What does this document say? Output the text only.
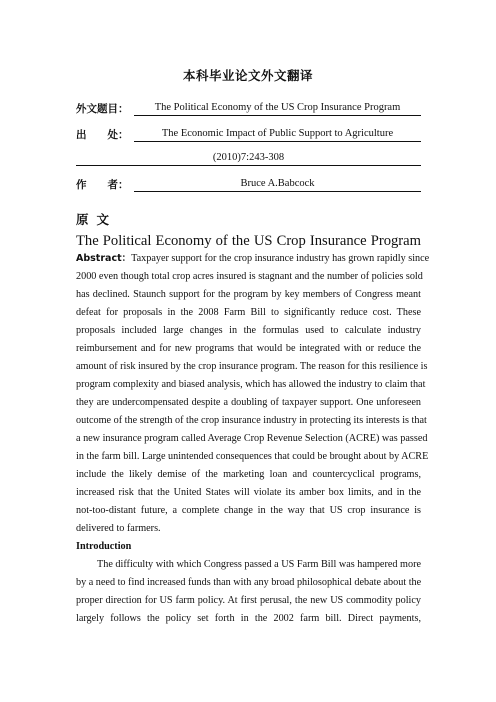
本科毕业论文外文翻译
外文题目：	The Political Economy of the US Crop Insurance Program
出　　处：	The Economic Impact of Public Support to Agriculture
(2010)7:243-308
作　　者：	Bruce A.Babcock
原文
The Political Economy of the US Crop Insurance Program
Abstract：Taxpayer support for the crop insurance industry has grown rapidly since
2000 even though total crop acres insured is stagnant and the number of policies sold
has declined. Staunch support for the program by key members of Congress meant
defeat for proposals in the 2008 Farm Bill to significantly reduce cost. These
proposals included large changes in the formulas used to calculate industry
reimbursement and for new programs that would be integrated with or reduce the
amount of risk insured by the crop insurance program. The reason for this resilience is
program complexity and biased analysis, which has allowed the industry to claim that
they are undercompensated despite a doubling of taxpayer support. One unforeseen
outcome of the strength of the crop insurance industry in protecting its interests is that
a new insurance program called Average Crop Revenue Selection (ACRE) was passed
in the farm bill. Large unintended consequences that could be brought about by ACRE
include the likely demise of the marketing loan and countercyclical programs,
increased risk that the United States will violate its amber box limits, and in the
not-too-distant future, a complete change in the way that US crop insurance is
delivered to farmers.
Introduction
The difficulty with which Congress passed a US Farm Bill was hampered more
by a need to find increased funds than with any broad philosophical debate about the
proper direction for US farm policy. At first perusal, the new US commodity policy
largely follows the policy set forth in the 2002 farm bill. Direct payments,
